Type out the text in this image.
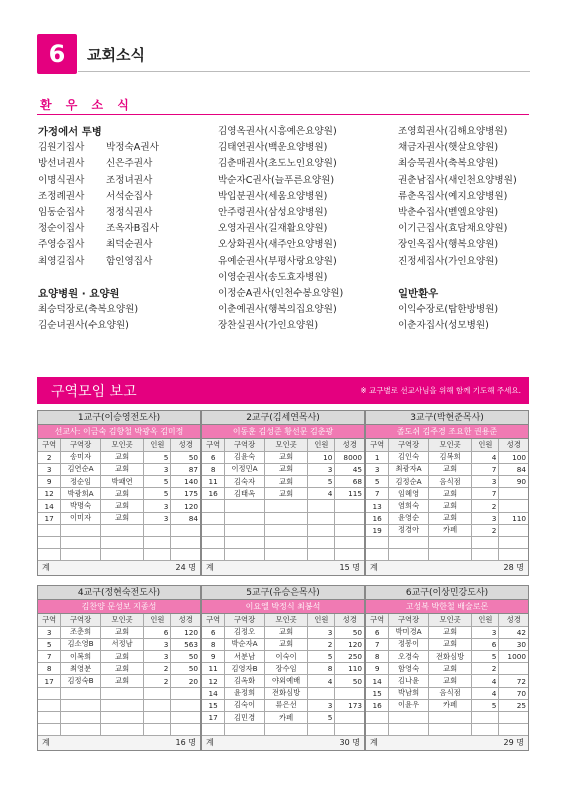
6	교회소식
환 우 소 식
가정에서 투병
김원기집사 박정숙A권사
방선녀권사 신은주권사
이명식권사 조정녀권사
조정례권사 서석순집사
임동순집사 정정식권사
정순이집사 조옥자B집사
주영승집사 최덕순권사
최영길집사 함인영집사
요양병원 · 요양원
최승덕장로(축복요양원)
김순녀권사(수요양원)
김영옥권사(시흥예은요양원)
김태연권사(백운요양병원)
김춘매권사(초도노인요양원)
박순자C권사(늘푸른요양원)
박입분권사(세움요양병원)
안주령권사(삼성요양병원)
오영자권사(길재활요양원)
오상화권사(새주안요양병원)
유예순권사(부평사랑요양원)
이영순권사(송도효자병원)
이정순A권사(인천수봉요양원)
이춘예권사(행복의집요양원)
장찬실권사(가인요양원)
조영희권사(김해요양병원)
채금자권사(햇살요양원)
최승묵권사(축복요양원)
권춘남집사(새인천요양병원)
류춘옥집사(예지요양병원)
박춘수집사(벧엘요양원)
이기근집사(효담채요양원)
장인옥집사(행복요양원)
진정세집사(가인요양원)
일반환우
이익수장로(탑한방병원)
이춘자집사(성모병원)
구역모임 보고	※ 교구별로 선교사님을 위해 함께 기도해 주세요.
1교구(이승영전도사)
선교사: 이금숙 김향철 박광옥 김미정
구역	구역장	모인곳	인원	성경
2	송미자	교회	5	50
3	김연순A	교회	3	87
9	정순임	박패연	5	140
12	박광희A	교회	5	175
14	박명숙	교회	3	120
17	이미자	교회	3	84

계	24 명
2교구(김세연목사)
이동훈 김성준 황선문 김춘광
구역	구역장	모인곳	인원	성경
6	김윤숙	교회	10	8000
8	이정민A	교회	3	45
11	김숙자	교회	5	68
16	김태옥	교회	4	115

계	15 명
3교구(박현준목사)
졸도쉬 김주경 조요한 권용준
구역	구역장	모인곳	인원	성경
1	김인숙	김복희	4	100
3	최광자A	교회	7	84
5	김정순A	음식점	3	90
7	임혜영	교회	7	
13	염희숙	교회	2	
16	윤영순	교회	3	110
19	정경아	카페	2	

계	28 명
4교구(정현숙전도사)
김찬양 문성보 지종성
구역	구역장	모인곳	인원	성경
3	조춘희	교회	6	120
5	김소영B	서정남	3	563
7	이복희	교회	3	50
8	최영분	교회	2	50
17	김정숙B	교회	2	20

계	16 명
5교구(유승은목사)
이요엘 박정식 최봉석
구역	구역장	모인곳	인원	성경
6	김정오	교회	3	50
8	박순자A	교회	2	120
9	서분남	이숙이	5	250
11	김영자B	장수임	8	110
12	김옥화	야외예배	4	50
14	윤정희	전화심방		
15	김숙이	류은선	3	173
17	김민경	카페	5	

계	30 명
6교구(이상민강도사)
고성복 박한철 배술로몬
구역	구역장	모인곳	인원	성경
6	박미경A	교회	3	42
7	정봉이	교회	6	30
8	오경숙	전화심방	5	1000
9	함영숙	교회	2	
14	김나윤	교회	4	72
15	박남희	음식점	4	70
16	이윤우	카페	5	25

계	29 명
